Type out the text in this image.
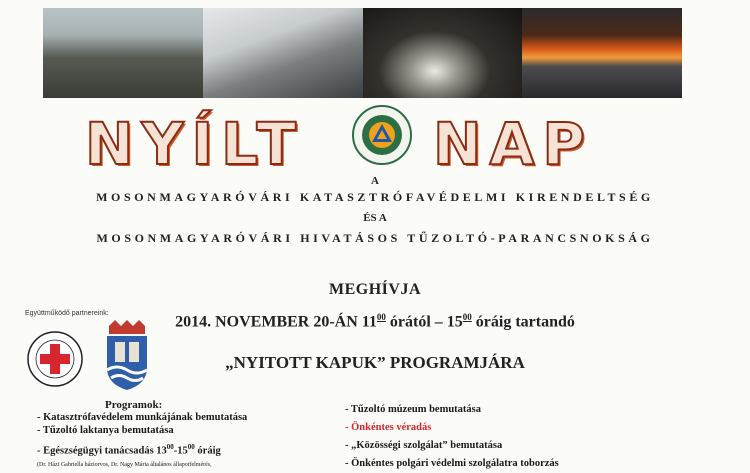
NYÍLT NAP
A
MOSONMAGYARÓVÁRI KATASZTRÓFAVÉDELMI KIRENDELTSÉG
ÉS A
MOSONMAGYARÓVÁRI HIVATÁSOS TŰZOLTÓ-PARANCSNOKSÁG
MEGHÍVJA
2014. NOVEMBER 20-ÁN $11^{00}$ órától – $15^{00}$ óráig tartandó
„NYITOTT KAPUK” PROGRAMJÁRA
Együttműködő partnereink:
Programok:
- Katasztrófavédelem munkájának bemutatása
- Tűzoltó laktanya bemutatása
- Egészségügyi tanácsadás $13^{00}-15^{00}$ óráig
(Dr. Házi Gabriella háziorvos, Dr. Nagy Mária általános állapotfelmérés,
- Tűzoltó múzeum bemutatása
- Önkéntes véradás
- „Közösségi szolgálat” bemutatása
- Önkéntes polgári védelmi szolgálatra toborzás
